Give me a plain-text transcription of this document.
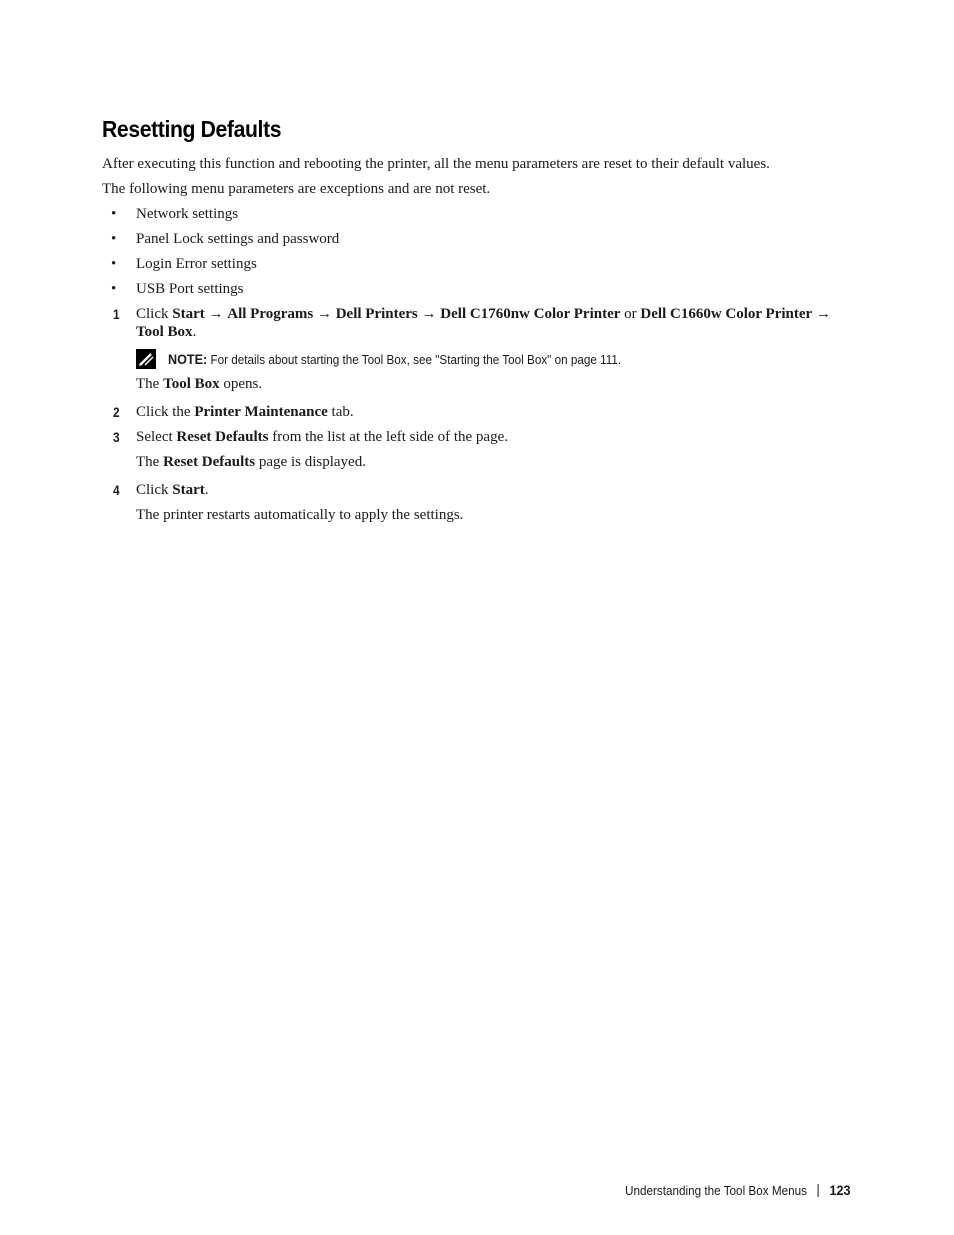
Resetting Defaults
After executing this function and rebooting the printer, all the menu parameters are reset to their default values.
The following menu parameters are exceptions and are not reset.
• Network settings
• Panel Lock settings and password
• Login Error settings
• USB Port settings
1 Click Start → All Programs → Dell Printers → Dell C1760nw Color Printer or Dell C1660w Color Printer →
Tool Box.
NOTE: For details about starting the Tool Box, see "Starting the Tool Box" on page 111.
The Tool Box opens.
2 Click the Printer Maintenance tab.
3 Select Reset Defaults from the list at the left side of the page.
The Reset Defaults page is displayed.
4 Click Start.
The printer restarts automatically to apply the settings.
Understanding the Tool Box Menus 123
